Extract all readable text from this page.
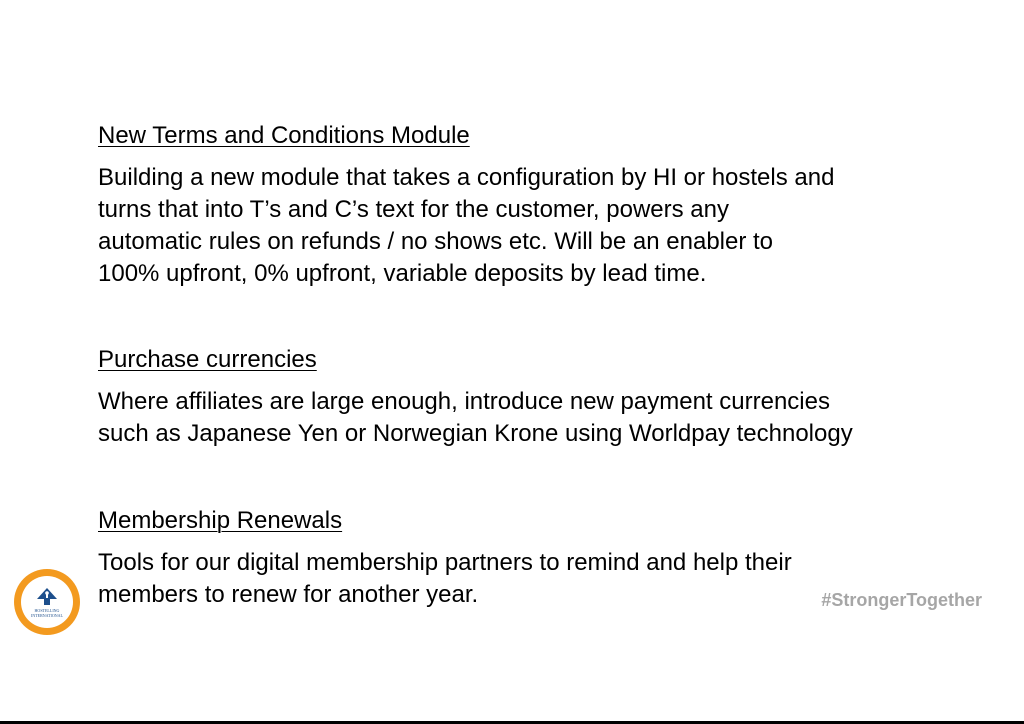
New Terms and Conditions Module

Building a new module that takes a configuration by HI or hostels and
turns that into T’s and C’s text for the customer, powers any
automatic rules on refunds / no shows etc. Will be an enabler to
100% upfront, 0% upfront, variable deposits by lead time.

Purchase currencies

Where affiliates are large enough, introduce new payment currencies
such as Japanese Yen or Norwegian Krone using Worldpay technology

Membership Renewals

Tools for our digital membership partners to remind and help their
members to renew for another year.

HOSTELLING INTERNATIONAL
#StrongerTogether
